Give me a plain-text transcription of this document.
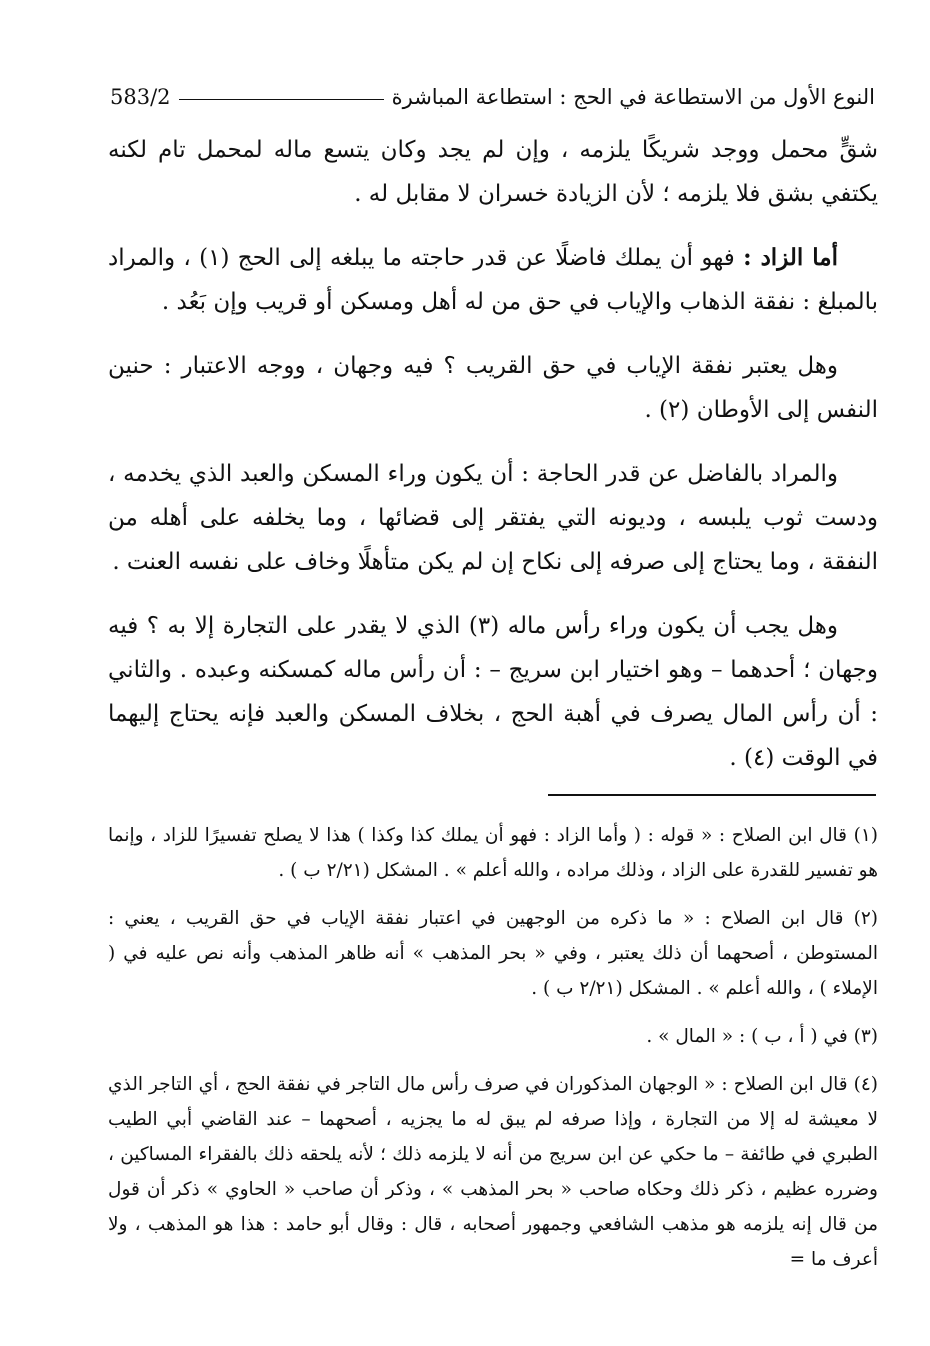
النوع الأول من الاستطاعة في الحج : استطاعة المباشرة
583/2

شقٍّ محمل ووجد شريكًا يلزمه ، وإن لم يجد وكان يتسع ماله لمحمل تام لكنه يكتفي بشق فلا يلزمه ؛ لأن الزيادة خسران لا مقابل له .

أما الزاد : فهو أن يملك فاضلًا عن قدر حاجته ما يبلغه إلى الحج (١) ، والمراد بالمبلغ : نفقة الذهاب والإياب في حق من له أهل ومسكن أو قريب وإن بَعُد .

وهل يعتبر نفقة الإياب في حق القريب ؟ فيه وجهان ، ووجه الاعتبار : حنين النفس إلى الأوطان (٢) .

والمراد بالفاضل عن قدر الحاجة : أن يكون وراء المسكن والعبد الذي يخدمه ، ودست ثوب يلبسه ، وديونه التي يفتقر إلى قضائها ، وما يخلفه على أهله من النفقة ، وما يحتاج إلى صرفه إلى نكاح إن لم يكن متأهلًا وخاف على نفسه العنت .

وهل يجب أن يكون وراء رأس ماله (٣) الذي لا يقدر على التجارة إلا به ؟ فيه وجهان ؛ أحدهما – وهو اختيار ابن سريج – : أن رأس ماله كمسكنه وعبده . والثاني : أن رأس المال يصرف في أهبة الحج ، بخلاف المسكن والعبد فإنه يحتاج إليهما في الوقت (٤) .

(١) قال ابن الصلاح : « قوله : ( وأما الزاد : فهو أن يملك كذا وكذا ) هذا لا يصلح تفسيرًا للزاد ، وإنما هو تفسير للقدرة على الزاد ، وذلك مراده ، والله أعلم » . المشكل (٢/٢١ ب ) .

(٢) قال ابن الصلاح : « ما ذكره من الوجهين في اعتبار نفقة الإياب في حق القريب ، يعني : المستوطن ، أصحهما أن ذلك يعتبر ، وفي « بحر المذهب » أنه ظاهر المذهب وأنه نص عليه في ( الإملاء ) ، والله أعلم » . المشكل (٢/٢١ ب ) .

(٣) في ( أ ، ب ) : « المال » .

(٤) قال ابن الصلاح : « الوجهان المذكوران في صرف رأس مال التاجر في نفقة الحج ، أي التاجر الذي لا معيشة له إلا من التجارة ، وإذا صرفه لم يبق له ما يجزيه ، أصحهما – عند القاضي أبي الطيب الطبري في طائفة – ما حكي عن ابن سريج من أنه لا يلزمه ذلك ؛ لأنه يلحقه ذلك بالفقراء المساكين ، وضرره عظيم ، ذكر ذلك وحكاه صاحب « بحر المذهب » ، وذكر أن صاحب « الحاوي » ذكر أن قول من قال إنه يلزمه هو مذهب الشافعي وجمهور أصحابه ، قال : وقال أبو حامد : هذا هو المذهب ، ولا أعرف ما =
